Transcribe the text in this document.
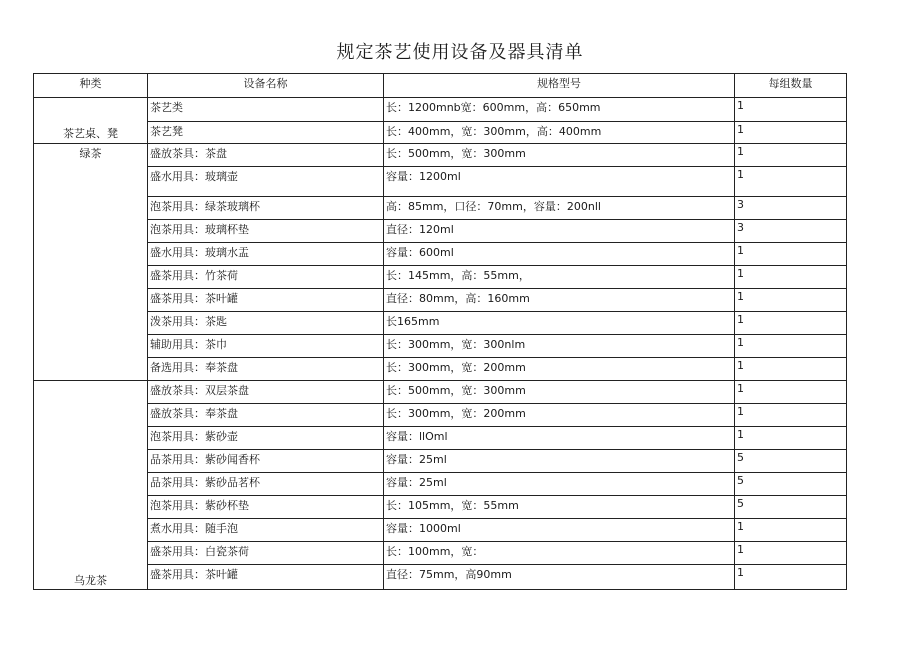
规定茶艺使用设备及器具清单
种类	设备名称	规格型号	每组数量
茶艺桌、凳	茶艺类	长：1200mnb宽：600mm，高：650mm	1
	茶艺凳	长：400mm，宽：300mm，高：400mm	1
绿茶	盛放茶具：茶盘	长：500mm，宽：300mm	1
	盛水用具：玻璃壶	容量：1200ml	1
	泡茶用具：绿茶玻璃杯	高：85mm，口径：70mm，容量：200nll	3
	泡茶用具：玻璃杯垫	直径：120ml	3
	盛水用具：玻璃水盂	容量：600ml	1
	盛茶用具：竹茶荷	长：145mm，高：55mm，	1
	盛茶用具：茶叶罐	直径：80mm，高：160mm	1
	泼茶用具：茶匙	长165mm	1
	辅助用具：茶巾	长：300mm，宽：300nlm	1
	备选用具：奉茶盘	长：300mm，宽：200mm	1
乌龙茶	盛放茶具：双层茶盘	长：500mm，宽：300mm	1
	盛放茶具：奉茶盘	长：300mm，宽：200mm	1
	泡茶用具：紫砂壶	容量：llOml	1
	品茶用具：紫砂闻香杯	容量：25ml	5
	品茶用具：紫砂品茗杯	容量：25ml	5
	泡茶用具：紫砂杯垫	长：105mm，宽：55mm	5
	煮水用具：随手泡	容量：1000ml	1
	盛茶用具：白瓷茶荷	长：100mm，宽：	1
	盛茶用具：茶叶罐	直径：75mm，高90mm	1
